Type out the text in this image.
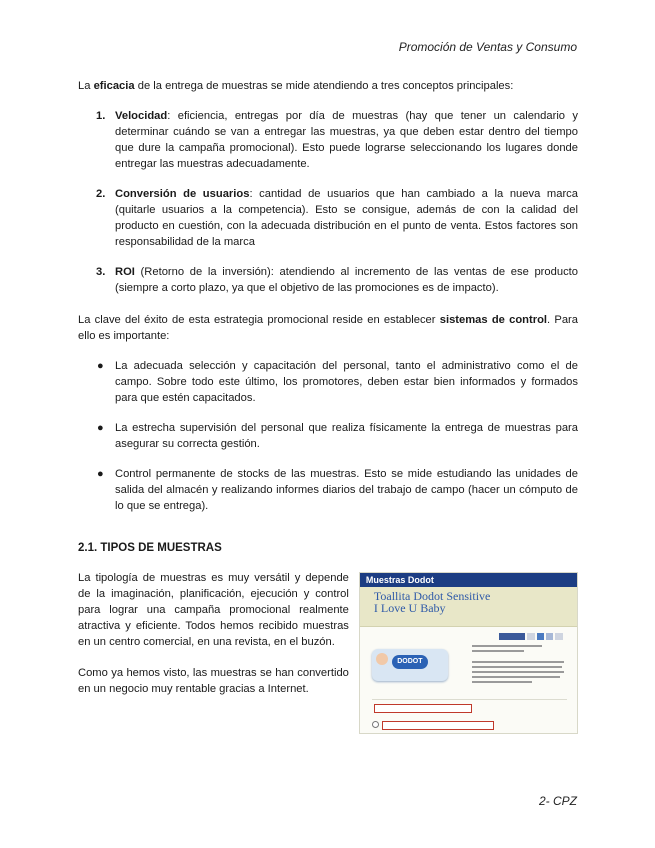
Promoción de Ventas y Consumo

La eficacia de la entrega de muestras se mide atendiendo a tres conceptos principales:

1. Velocidad: eficiencia, entregas por día de muestras (hay que tener un calendario y determinar cuándo se van a entregar las muestras, ya que deben estar dentro del tiempo que dure la campaña promocional). Esto puede lograrse seleccionando los lugares donde entregar las muestras adecuadamente.
2. Conversión de usuarios: cantidad de usuarios que han cambiado a la nueva marca (quitarle usuarios a la competencia). Esto se consigue, además de con la calidad del producto en cuestión, con la adecuada distribución en el punto de venta. Estos factores son responsabilidad de la marca
3. ROI (Retorno de la inversión): atendiendo al incremento de las ventas de ese producto (siempre a corto plazo, ya que el objetivo de las promociones es de impacto).

La clave del éxito de esta estrategia promocional reside en establecer sistemas de control. Para ello es importante:

● La adecuada selección y capacitación del personal, tanto el administrativo como el de campo. Sobre todo este último, los promotores, deben estar bien informados y formados para que estén capacitados.
● La estrecha supervisión del personal que realiza físicamente la entrega de muestras para asegurar su correcta gestión.
● Control permanente de stocks de las muestras. Esto se mide estudiando las unidades de salida del almacén y realizando informes diarios del trabajo de campo (hacer un cómputo de lo que se entrega).
2.1. TIPOS DE MUESTRAS

La tipología de muestras es muy versátil y depende de la imaginación, planificación, ejecución y control para lograr una campaña promocional realmente atractiva y eficiente. Todos hemos recibido muestras en un centro comercial, en una revista, en el buzón.

Como ya hemos visto, las muestras se han convertido en un negocio muy rentable gracias a Internet.

Muestras Dodot
Toallita Dodot Sensitive
I Love U Baby
DODOT
2- CPZ
